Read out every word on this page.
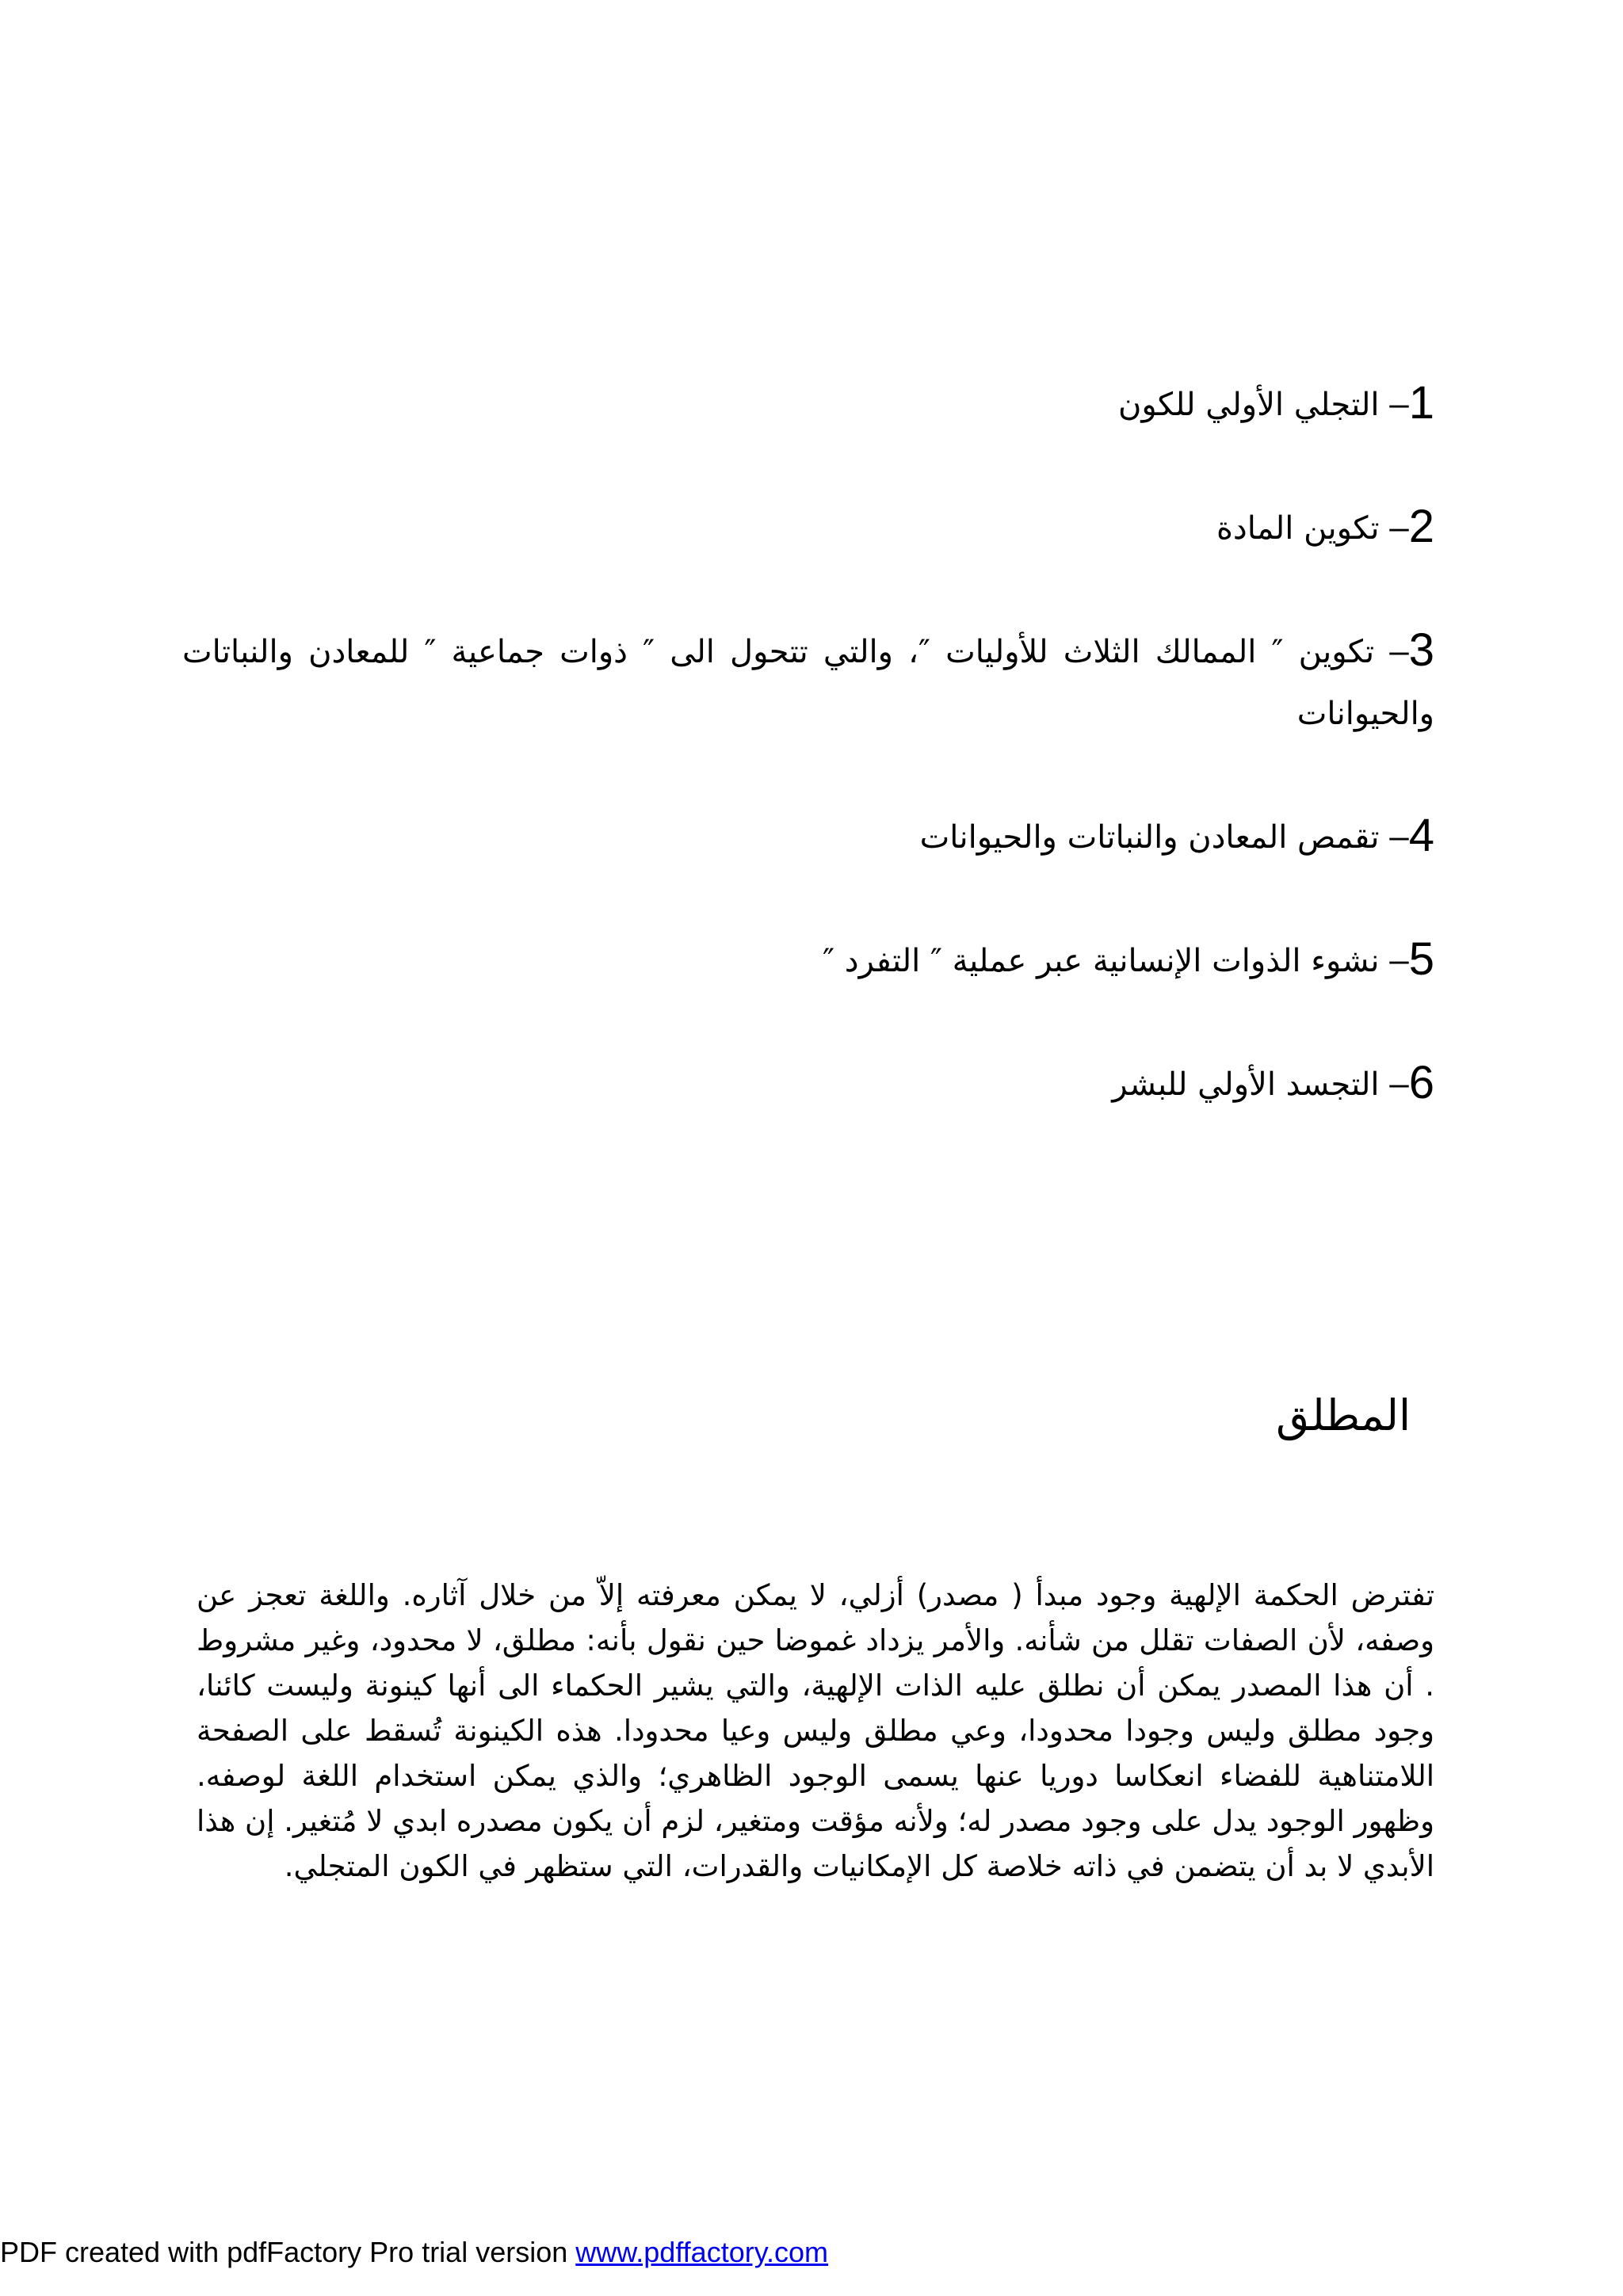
1– التجلي الأولي للكون
2– تكوين المادة
3– تكوين ″ الممالك الثلاث للأوليات ″، والتي تتحول الى ″ ذوات جماعية ″ للمعادن والنباتات والحيوانات
4– تقمص المعادن والنباتات والحيوانات
5– نشوء الذوات الإنسانية عبر عملية ″ التفرد ″
6– التجسد الأولي للبشر
المطلق

تفترض الحكمة الإلهية وجود مبدأ ( مصدر) أزلي، لا يمكن معرفته إلاّ من خلال آثاره. واللغة تعجز عن وصفه، لأن الصفات تقلل من شأنه. والأمر يزداد غموضا حين نقول بأنه: مطلق، لا محدود، وغير مشروط . أن هذا المصدر يمكن أن نطلق عليه الذات الإلهية، والتي يشير الحكماء الى أنها كينونة وليست كائنا، وجود مطلق وليس وجودا محدودا، وعي مطلق وليس وعيا محدودا. هذه الكينونة تُسقط على الصفحة اللامتناهية للفضاء انعكاسا دوريا عنها يسمى الوجود الظاهري؛ والذي يمكن استخدام اللغة لوصفه. وظهور الوجود يدل على وجود مصدر له؛ ولأنه مؤقت ومتغير، لزم أن يكون مصدره ابدي لا مُتغير. إن هذا الأبدي لا بد أن يتضمن في ذاته خلاصة كل الإمكانيات والقدرات، التي ستظهر في الكون المتجلي.

PDF created with pdfFactory Pro trial version www.pdffactory.com
